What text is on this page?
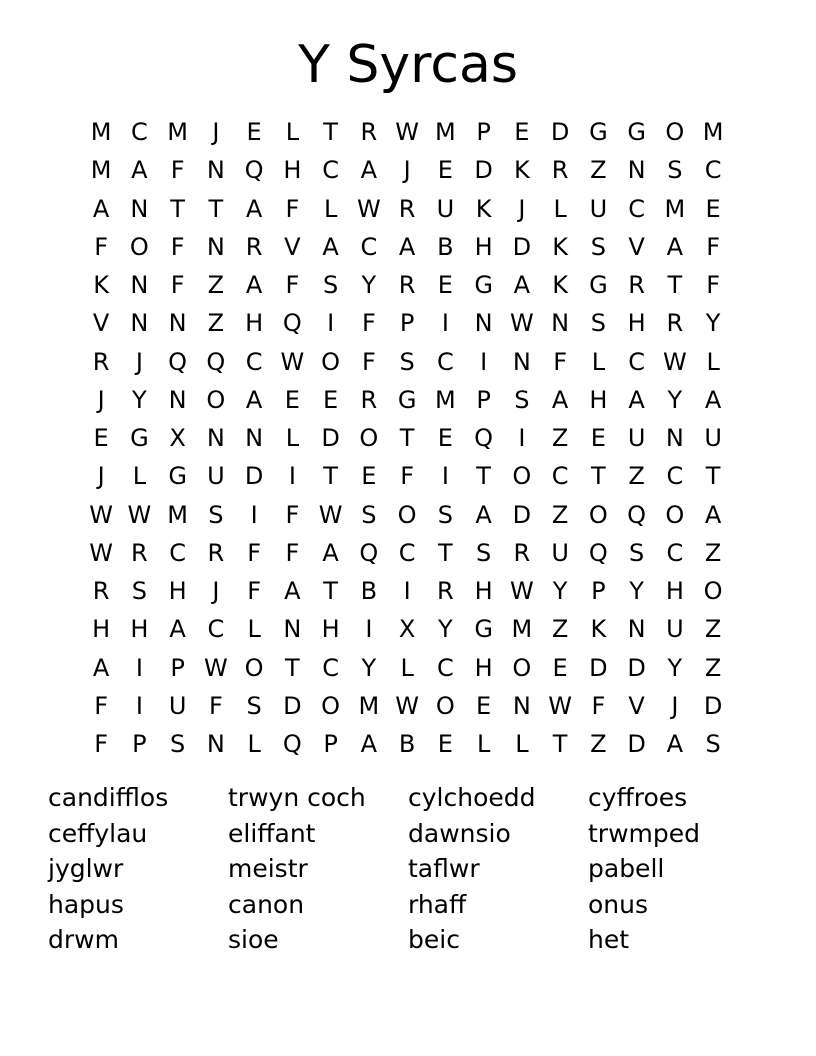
Y Syrcas
M C M	J	E L	T R W M P E D G G O M
M A F N Q H C A	J	E D K R Z N S C
A N T T A F	L W R U K	J	L U C M E
F O F N R V A C A B H D K S V A F
K N F Z A F S Y R E G A K G R T	F
V N N Z H Q	I	F	P	I	N W N S H R Y
R	J	Q Q C W O F S C	I	N F	L C W L
J	Y N O A E E R G M P S A H A Y A
E G X N N L D O T E Q	I	Z E U N U
J	L G U D	I	T E F	I	T O C T Z C T
W W M S	I	F W S O S A D Z O Q O A
W R C R F	F A Q C T S R U Q S C Z
R S H	J	F A T B	I	R H W Y P Y H O
H H A C L N H	I	X Y G M Z K N U Z
A	I	P W O T C Y	L C H O E D D Y Z
F	I	U F S D O M W O E N W F V	J	D
F	P S N L Q P A B E L	L	T Z D A S
candifflos	trwyn coch	cylchoedd	cyffroes
ceffylau	eliffant	dawnsio	trwmped
jyglwr	meistr	taflwr	pabell
hapus	canon	rhaff	onus
drwm	sioe	beic	het
